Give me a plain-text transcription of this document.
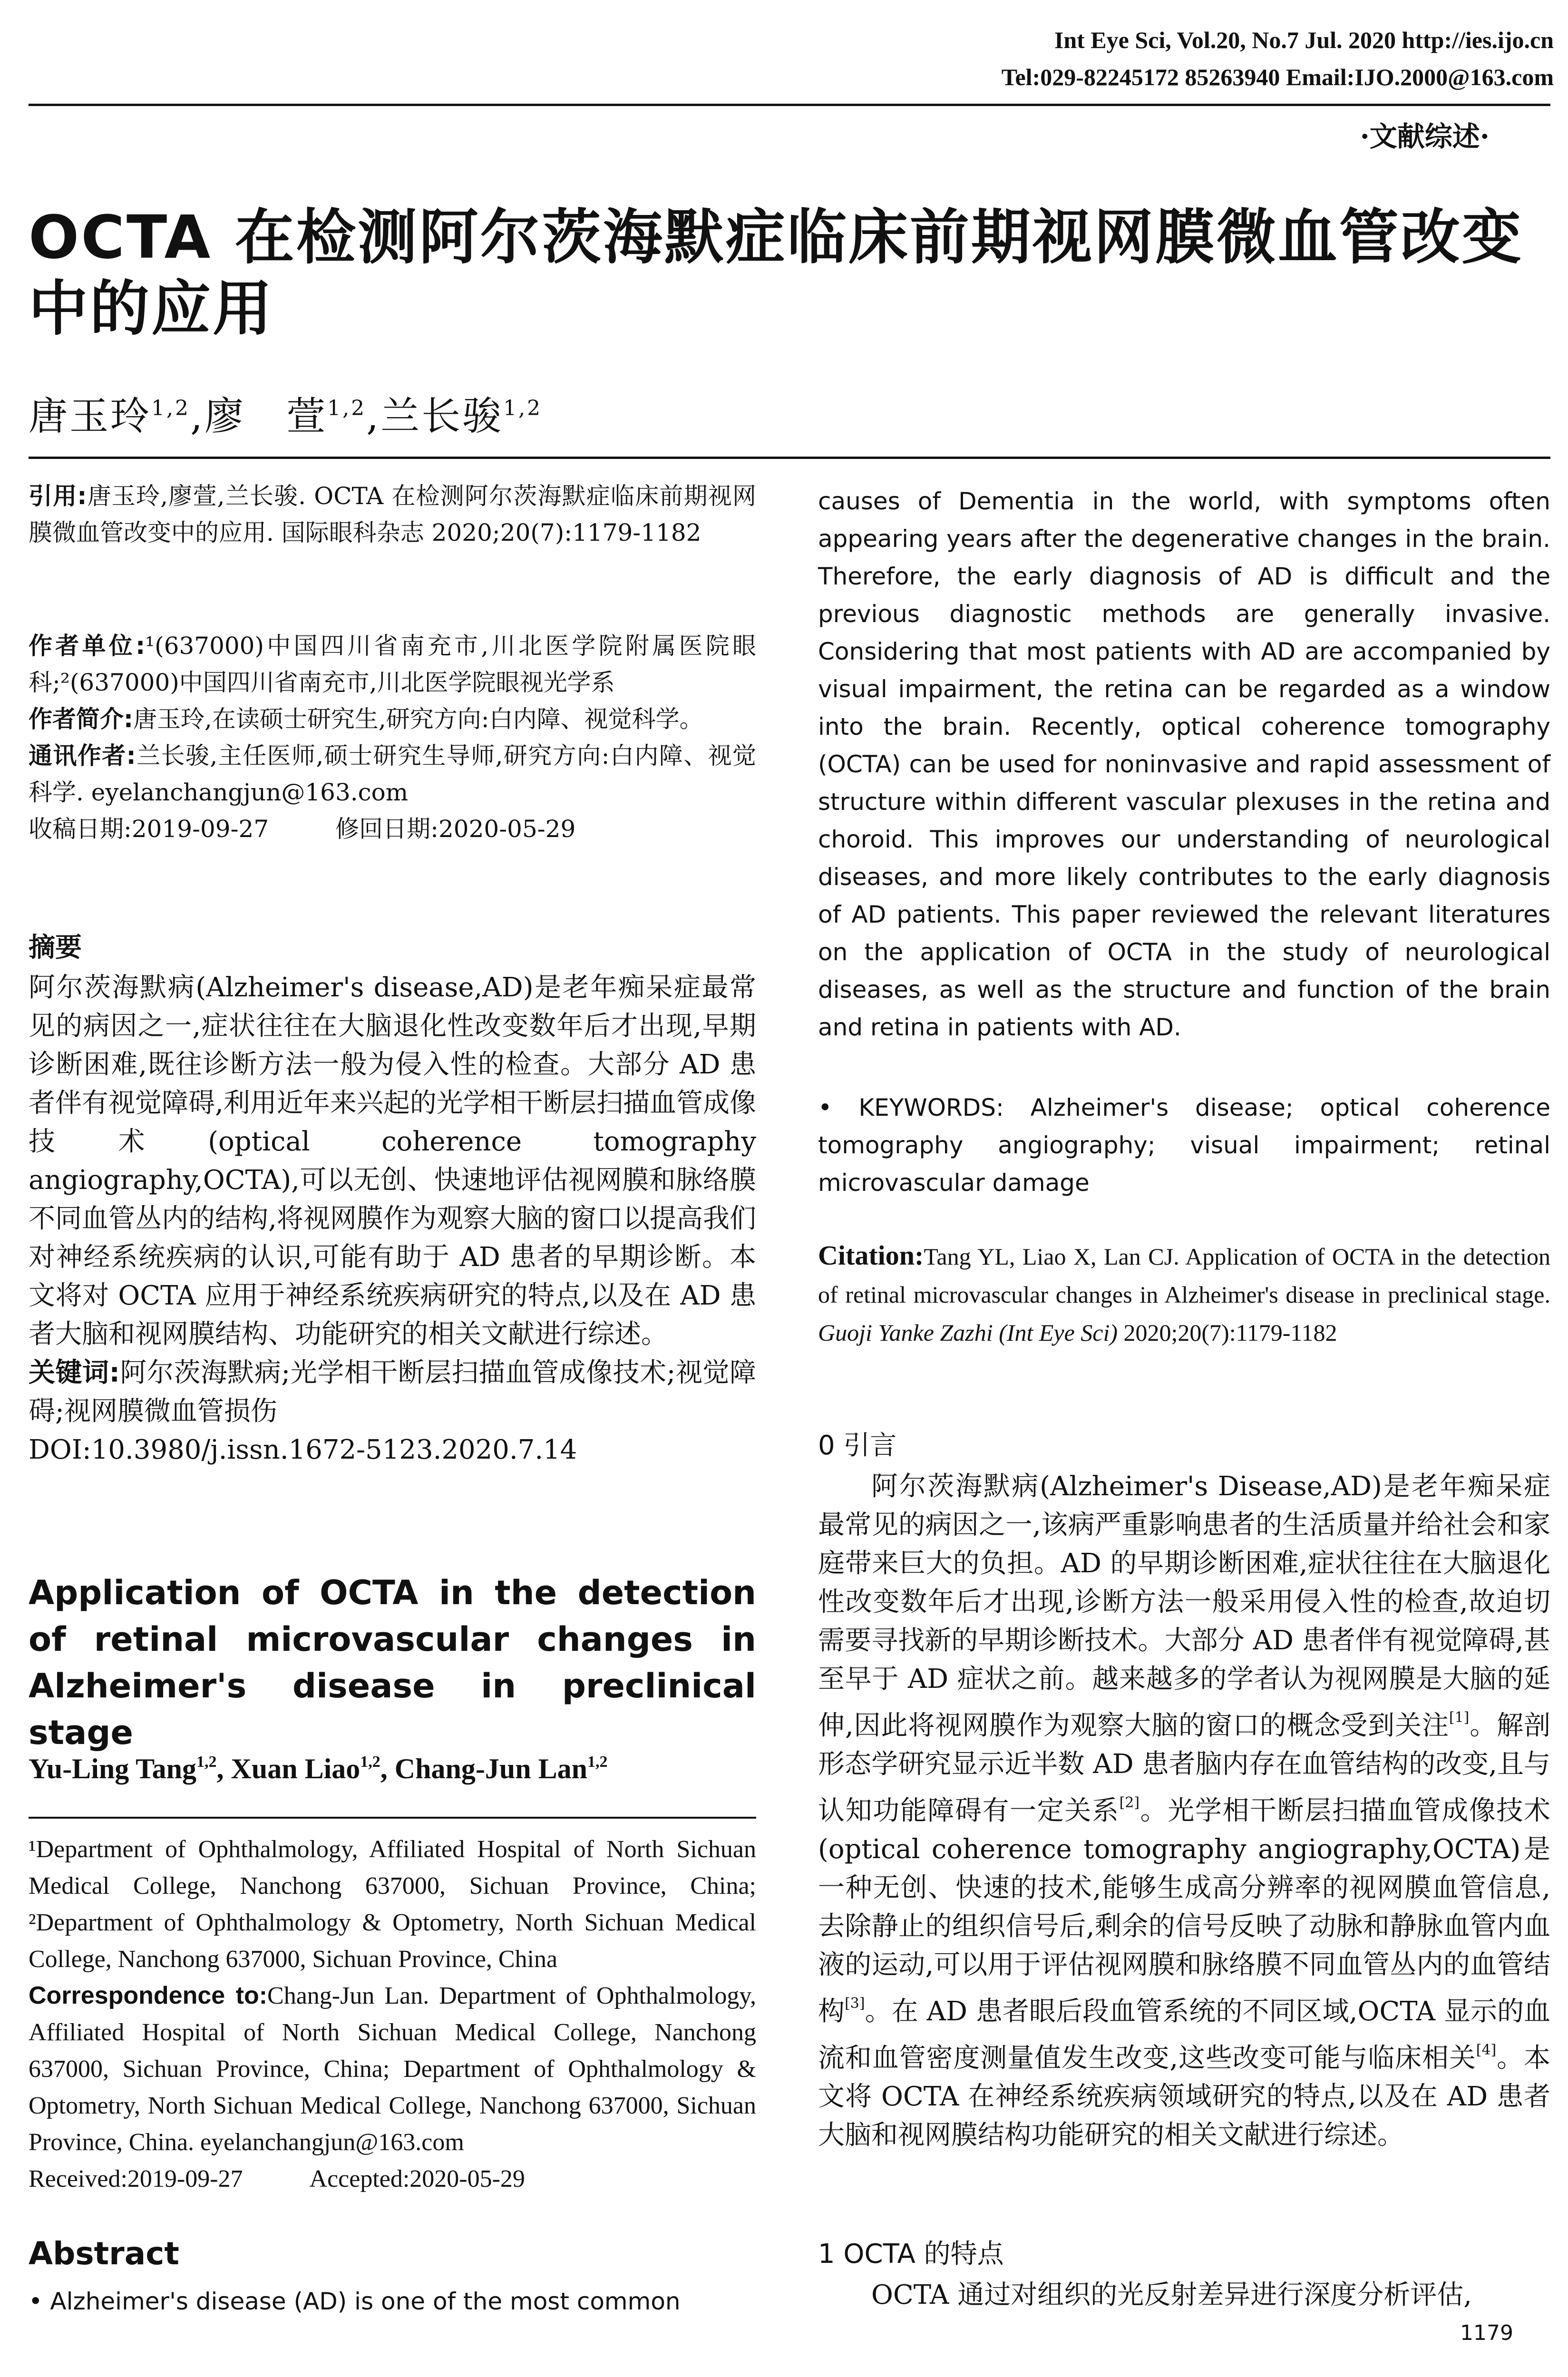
Int Eye Sci, Vol.20, No.7 Jul. 2020 http://ies.ijo.cn
Tel:029-82245172 85263940 Email:IJO.2000@163.com
·文献综述·
OCTA 在检测阿尔茨海默症临床前期视网膜微血管改变中的应用
唐玉玲$^{1,2}$,廖　萱$^{1,2}$,兰长骏$^{1,2}$
引用:唐玉玲,廖萱,兰长骏. OCTA 在检测阿尔茨海默症临床前期视网膜微血管改变中的应用. 国际眼科杂志 2020;20(7):1179-1182

作者单位:¹(637000)中国四川省南充市,川北医学院附属医院眼科;²(637000)中国四川省南充市,川北医学院眼视光学系

作者简介:唐玉玲,在读硕士研究生,研究方向:白内障、视觉科学。

通讯作者:兰长骏,主任医师,硕士研究生导师,研究方向:白内障、视觉科学. eyelanchangjun@163.com

收稿日期:2019-09-27	修回日期:2020-05-29

摘要
阿尔茨海默病(Alzheimer's disease,AD)是老年痴呆症最常见的病因之一,症状往往在大脑退化性改变数年后才出现,早期诊断困难,既往诊断方法一般为侵入性的检查。大部分 AD 患者伴有视觉障碍,利用近年来兴起的光学相干断层扫描血管成像技术(optical coherence tomography angiography,OCTA),可以无创、快速地评估视网膜和脉络膜不同血管丛内的结构,将视网膜作为观察大脑的窗口以提高我们对神经系统疾病的认识,可能有助于 AD 患者的早期诊断。本文将对 OCTA 应用于神经系统疾病研究的特点,以及在 AD 患者大脑和视网膜结构、功能研究的相关文献进行综述。
关键词:阿尔茨海默病;光学相干断层扫描血管成像技术;视觉障碍;视网膜微血管损伤
DOI:10.3980/j.issn.1672-5123.2020.7.14
Application of OCTA in the detection of retinal microvascular changes in Alzheimer's disease in preclinical stage
Yu-Ling Tang$^{1,2}$, Xuan Liao$^{1,2}$, Chang-Jun Lan$^{1,2}$

¹Department of Ophthalmology, Affiliated Hospital of North Sichuan Medical College, Nanchong 637000, Sichuan Province, China; ²Department of Ophthalmology & Optometry, North Sichuan Medical College, Nanchong 637000, Sichuan Province, China

Correspondence to:Chang-Jun Lan. Department of Ophthalmology, Affiliated Hospital of North Sichuan Medical College, Nanchong 637000, Sichuan Province, China; Department of Ophthalmology & Optometry, North Sichuan Medical College, Nanchong 637000, Sichuan Province, China. eyelanchangjun@163.com

Received:2019-09-27	Accepted:2020-05-29

Abstract
• Alzheimer's disease (AD) is one of the most common
causes of Dementia in the world, with symptoms often appearing years after the degenerative changes in the brain. Therefore, the early diagnosis of AD is difficult and the previous diagnostic methods are generally invasive. Considering that most patients with AD are accompanied by visual impairment, the retina can be regarded as a window into the brain. Recently, optical coherence tomography (OCTA) can be used for noninvasive and rapid assessment of structure within different vascular plexuses in the retina and choroid. This improves our understanding of neurological diseases, and more likely contributes to the early diagnosis of AD patients. This paper reviewed the relevant literatures on the application of OCTA in the study of neurological diseases, as well as the structure and function of the brain and retina in patients with AD.
• KEYWORDS: Alzheimer's disease; optical coherence tomography angiography; visual impairment; retinal microvascular damage
Citation:Tang YL, Liao X, Lan CJ. Application of OCTA in the detection of retinal microvascular changes in Alzheimer's disease in preclinical stage. Guoji Yanke Zazhi (Int Eye Sci) 2020;20(7):1179-1182
0 引言

阿尔茨海默病(Alzheimer's Disease,AD)是老年痴呆症最常见的病因之一,该病严重影响患者的生活质量并给社会和家庭带来巨大的负担。AD 的早期诊断困难,症状往往在大脑退化性改变数年后才出现,诊断方法一般采用侵入性的检查,故迫切需要寻找新的早期诊断技术。大部分 AD 患者伴有视觉障碍,甚至早于 AD 症状之前。越来越多的学者认为视网膜是大脑的延伸,因此将视网膜作为观察大脑的窗口的概念受到关注[1]。解剖形态学研究显示近半数 AD 患者脑内存在血管结构的改变,且与认知功能障碍有一定关系[2]。光学相干断层扫描血管成像技术(optical coherence tomography angiography,OCTA)是一种无创、快速的技术,能够生成高分辨率的视网膜血管信息,去除静止的组织信号后,剩余的信号反映了动脉和静脉血管内血液的运动,可以用于评估视网膜和脉络膜不同血管丛内的血管结构[3]。在 AD 患者眼后段血管系统的不同区域,OCTA 显示的血流和血管密度测量值发生改变,这些改变可能与临床相关[4]。本文将 OCTA 在神经系统疾病领域研究的特点,以及在 AD 患者大脑和视网膜结构功能研究的相关文献进行综述。

1 OCTA 的特点

OCTA 通过对组织的光反射差异进行深度分析评估,

1179
